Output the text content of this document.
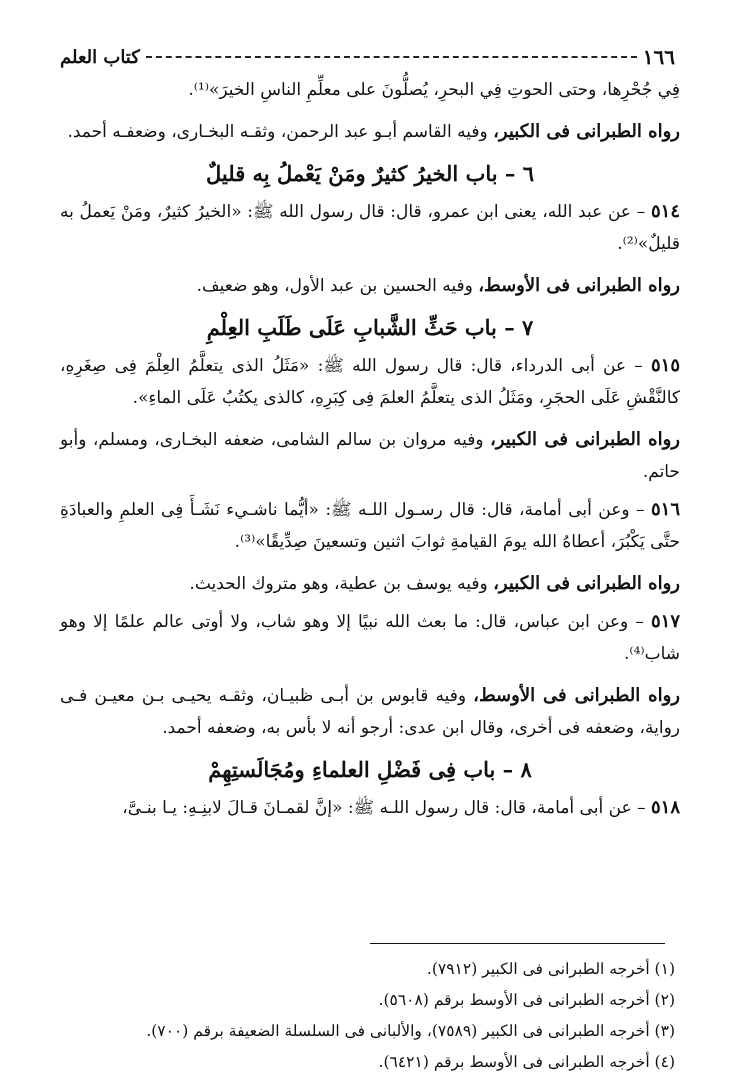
١٦٦
كتاب العلم

فِي جُحْرِها، وحتى الحوتِ فِي البحرِ، يُصلُّونَ على معلِّمِ الناسِ الخيرَ»⁽¹⁾.

رواه الطبرانى فى الكبير، وفيه القاسم أبـو عبد الرحمن، وثقـه البخـارى، وضعفـه أحمد.

٦ – باب الخيرُ كثيرٌ ومَنْ يَعْملُ بِه قليلٌ

٥١٤ – عن عبد الله، يعنى ابن عمرو، قال: قال رسول الله ﷺ: «الخيرُ كثيرٌ، ومَنْ يَعملُ به قليلٌ»⁽²⁾.

رواه الطبرانى فى الأوسط، وفيه الحسين بن عبد الأول، وهو ضعيف.

٧ – باب حَثِّ الشَّبابِ عَلَى طَلَبِ العِلْمِ

٥١٥ – عن أبى الدرداء، قال: قال رسول الله ﷺ: «مَثَلُ الذى يتعلَّمُ العِلْمَ فِى صِغَرِهِ، كالنَّقْشِ عَلَى الحجَرِ، ومَثَلُ الذى يتعلَّمُ العلمَ فِى كِبَرِهِ، كالذى يكتُبُ عَلَى الماءِ».

رواه الطبرانى فى الكبير، وفيه مروان بن سالم الشامى، ضعفه البخـارى، ومسلم، وأبو حاتم.

٥١٦ – وعن أبى أمامة، قال: قال رسـول اللـه ﷺ: «أيُّما ناشـيء نَشَـأَ فِى العلمِ والعبادَةِ حتَّى يَكْبُرَ، أعطاهُ الله يومَ القيامةِ ثوابَ اثنين وتسعينَ صِدِّيقًا»⁽³⁾.

رواه الطبرانى فى الكبير، وفيه يوسف بن عطية، وهو متروك الحديث.

٥١٧ – وعن ابن عباس، قال: ما بعث الله نبيًا إلا وهو شاب، ولا أوتى عالم علمًا إلا وهو شاب⁽⁴⁾.

رواه الطبرانى فى الأوسط، وفيه قابوس بن أبـى ظبيـان، وثقـه يحيـى بـن معيـن فـى رواية، وضعفه فى أخرى، وقال ابن عدى: أرجو أنه لا بأس به، وضعفه أحمد.

٨ – باب فِى فَضْلِ العلماءِ ومُجَالَستِهِمْ

٥١٨ – عن أبى أمامة، قال: قال رسول اللـه ﷺ: «إنَّ لقمـانَ قـالَ لابنِـهِ: يـا بنـىَّ،

(١) أخرجه الطبرانى فى الكبير (٧٩١٢).
(٢) أخرجه الطبرانى فى الأوسط برقم (٥٦٠٨).
(٣) أخرجه الطبرانى فى الكبير (٧٥٨٩)، والألبانى فى السلسلة الضعيفة برقم (٧٠٠).
(٤) أخرجه الطبرانى فى الأوسط برقم (٦٤٢١).
